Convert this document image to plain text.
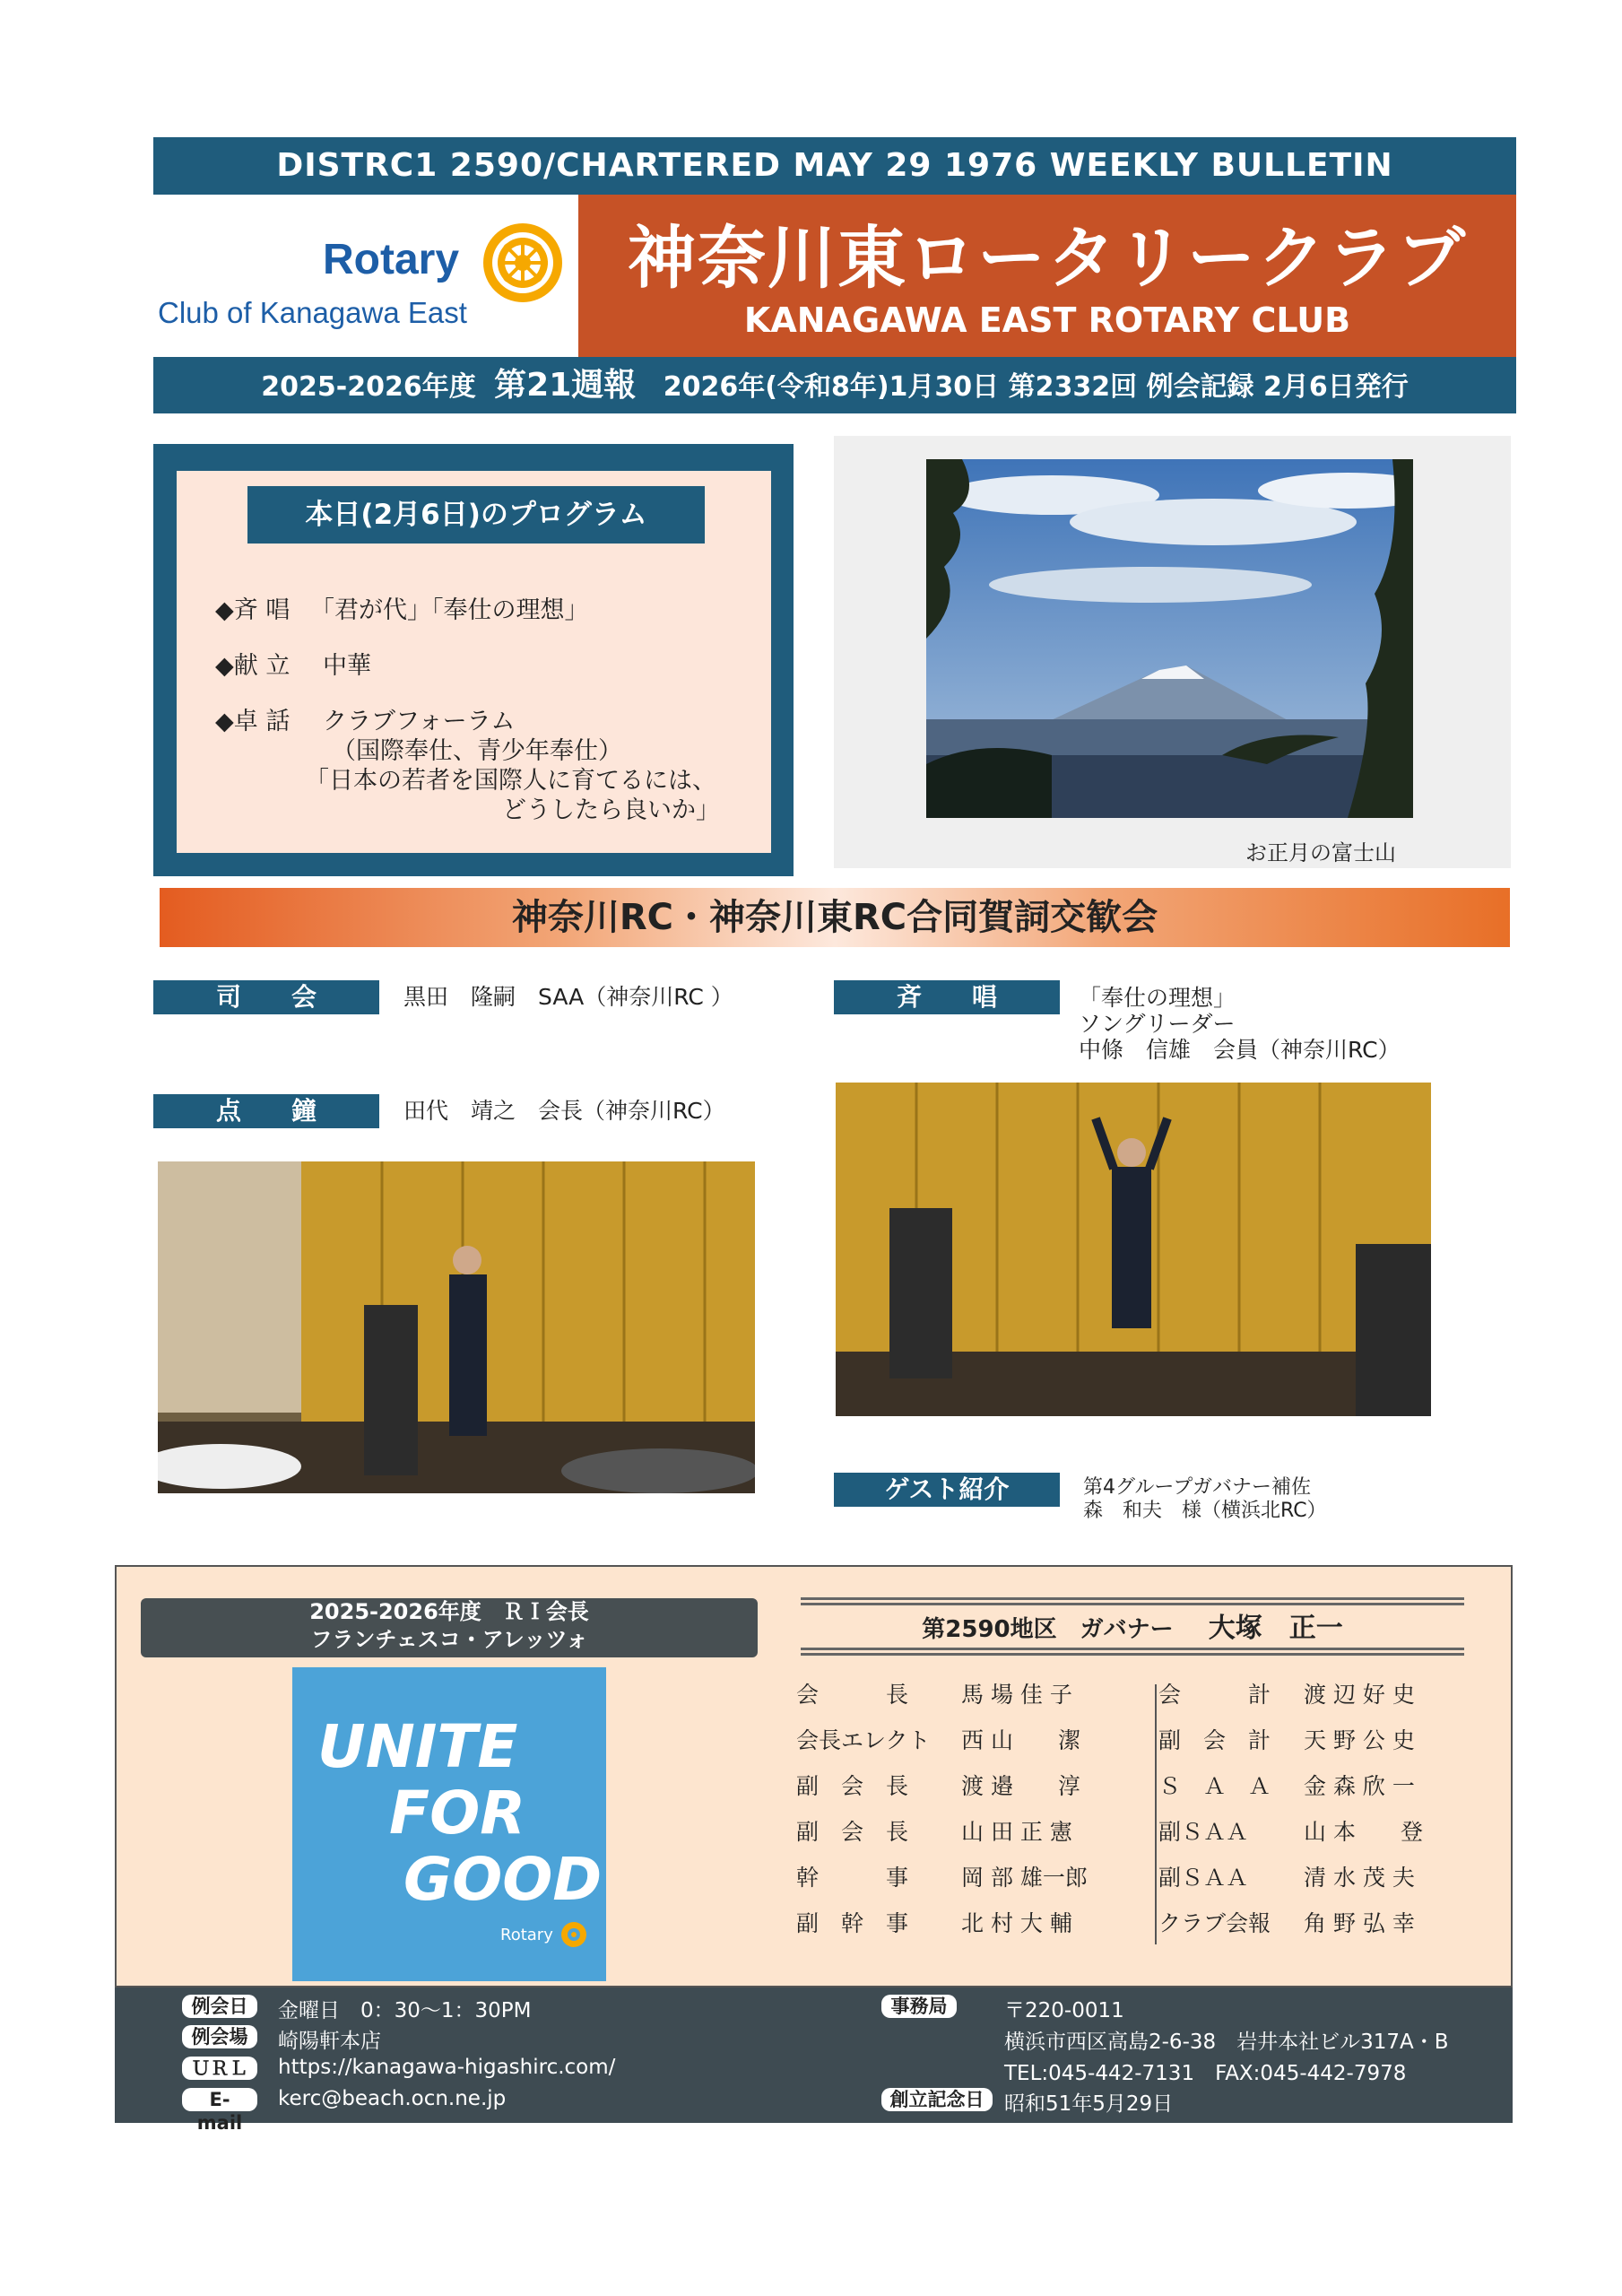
DISTRC1 2590/CHARTERED MAY 29 1976 WEEKLY BULLETIN
Rotary
Club of Kanagawa East
神奈川東ロータリークラブ
KANAGAWA EAST ROTARY CLUB
2025-2026年度 第21週報 2026年(令和8年)1月30日 第2332回 例会記録 2月6日発行
本日(2月6日)のプログラム
◆斉 唱 「君が代」「奉仕の理想」
◆献 立 中華
◆卓 話 クラブフォーラム
（国際奉仕、青少年奉仕）
「日本の若者を国際人に育てるには、
どうしたら良いか」
お正月の富士山
神奈川RC・神奈川東RC合同賀詞交歓会
司　　会	黒田　隆嗣　SAA（神奈川RC ）
点　　鐘	田代　靖之　会長（神奈川RC）
斉　　唱	「奉仕の理想」
ソングリーダー
中條　信雄　会員（神奈川RC）
ゲスト紹介	第4グループガバナー補佐
森　和夫　様（横浜北RC）
2025-2026年度　ＲＩ会長
フランチェスコ・アレッツォ
UNITE
FOR
GOOD
Rotary
第2590地区　ガバナー 大塚　正一
会　　　長 馬 場 佳 子
会長エレクト 西 山　　潔
副　会　長 渡 邉　　淳
副　会　長 山 田 正 憲
幹　　　事 岡 部 雄一郎
副　幹　事 北 村 大 輔
会　　　計 渡 辺 好 史
副　会　計 天 野 公 史
Ｓ　Ａ　Ａ 金 森 欣 一
副ＳＡＡ 山 本　　登
副ＳＡＡ 清 水 茂 夫
クラブ会報 角 野 弘 幸
例会日	金曜日　0：30～1：30PM
例会場	崎陽軒本店
ＵＲＬ	https://kanagawa-higashirc.com/
E-mail
kerc@beach.ocn.ne.jp
事務局	〒220-0011
横浜市西区高島2-6-38　岩井本社ビル317A・B
TEL:045-442-7131　FAX:045-442-7978
創立記念日 昭和51年5月29日
